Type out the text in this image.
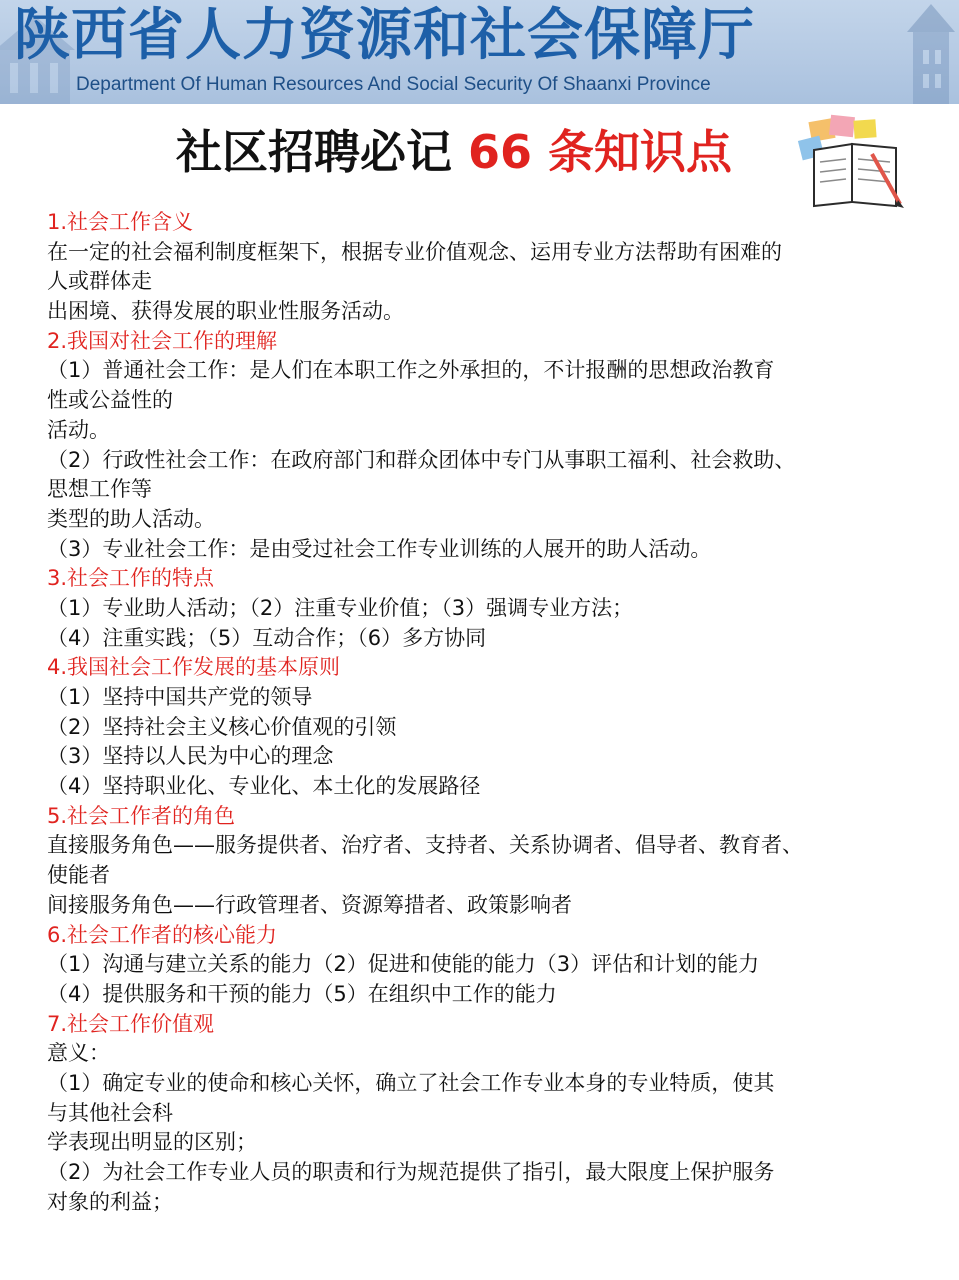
陕西省人力资源和社会保障厅
Department Of Human Resources And Social Security Of Shaanxi Province
社区招聘必记 66 条知识点
1.社会工作含义
在一定的社会福利制度框架下，根据专业价值观念、运用专业方法帮助有困难的
人或群体走
出困境、获得发展的职业性服务活动。
2.我国对社会工作的理解
（1）普通社会工作：是人们在本职工作之外承担的，不计报酬的思想政治教育
性或公益性的
活动。
（2）行政性社会工作：在政府部门和群众团体中专门从事职工福利、社会救助、
思想工作等
类型的助人活动。
（3）专业社会工作：是由受过社会工作专业训练的人展开的助人活动。
3.社会工作的特点
（1）专业助人活动；（2）注重专业价值；（3）强调专业方法；
（4）注重实践；（5）互动合作；（6）多方协同
4.我国社会工作发展的基本原则
（1）坚持中国共产党的领导
（2）坚持社会主义核心价值观的引领
（3）坚持以人民为中心的理念
（4）坚持职业化、专业化、本土化的发展路径
5.社会工作者的角色
直接服务角色——服务提供者、治疗者、支持者、关系协调者、倡导者、教育者、
使能者
间接服务角色——行政管理者、资源筹措者、政策影响者
6.社会工作者的核心能力
（1）沟通与建立关系的能力（2）促进和使能的能力（3）评估和计划的能力
（4）提供服务和干预的能力（5）在组织中工作的能力
7.社会工作价值观
意义：
（1）确定专业的使命和核心关怀，确立了社会工作专业本身的专业特质，使其
与其他社会科
学表现出明显的区别；
（2）为社会工作专业人员的职责和行为规范提供了指引，最大限度上保护服务
对象的利益；
